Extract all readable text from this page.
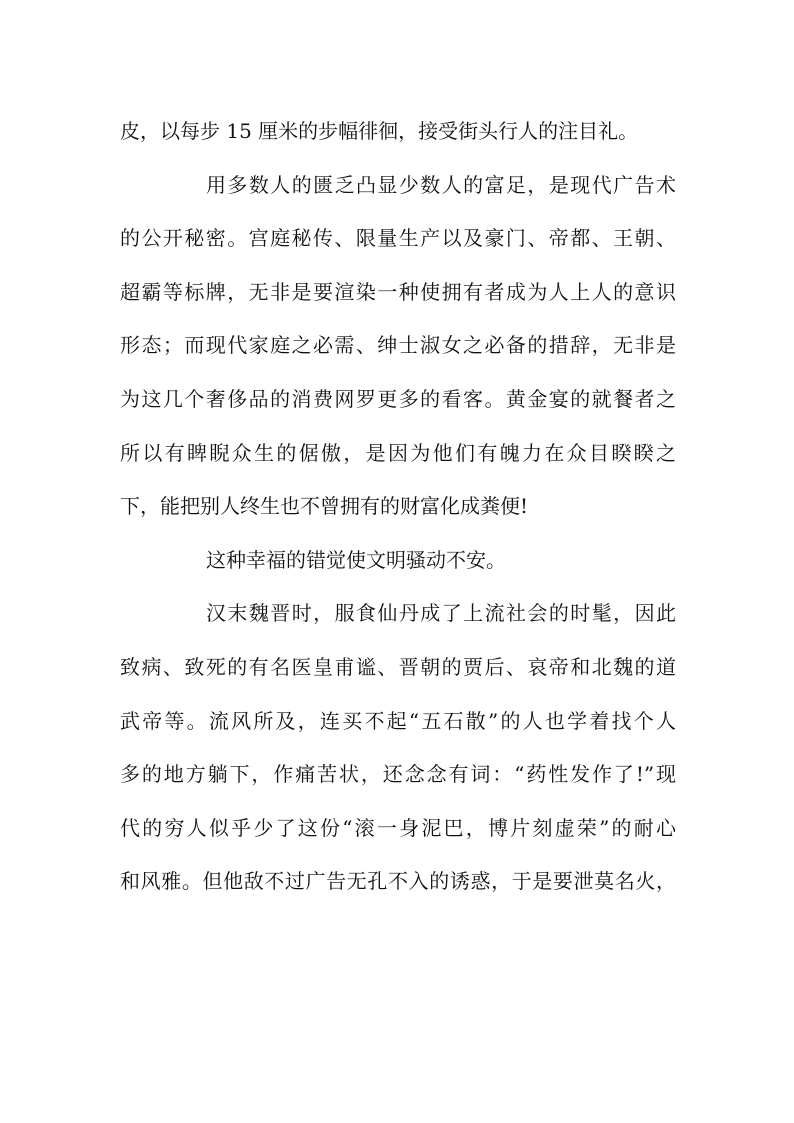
皮，以每步 15 厘米的步幅徘徊，接受街头行人的注目礼。
用多数人的匮乏凸显少数人的富足，是现代广告术
的公开秘密。宫庭秘传、限量生产以及豪门、帝都、王朝、
超霸等标牌，无非是要渲染一种使拥有者成为人上人的意识
形态；而现代家庭之必需、绅士淑女之必备的措辞，无非是
为这几个奢侈品的消费网罗更多的看客。黄金宴的就餐者之
所以有睥睨众生的倨傲，是因为他们有魄力在众目睽睽之
下，能把别人终生也不曾拥有的财富化成粪便!
这种幸福的错觉使文明骚动不安。
汉末魏晋时，服食仙丹成了上流社会的时髦，因此
致病、致死的有名医皇甫谧、晋朝的贾后、哀帝和北魏的道
武帝等。流风所及，连买不起“五石散”的人也学着找个人
多的地方躺下，作痛苦状，还念念有词：“药性发作了!”现
代的穷人似乎少了这份“滚一身泥巴，博片刻虚荣”的耐心
和风雅。但他敌不过广告无孔不入的诱惑，于是要泄莫名火，
